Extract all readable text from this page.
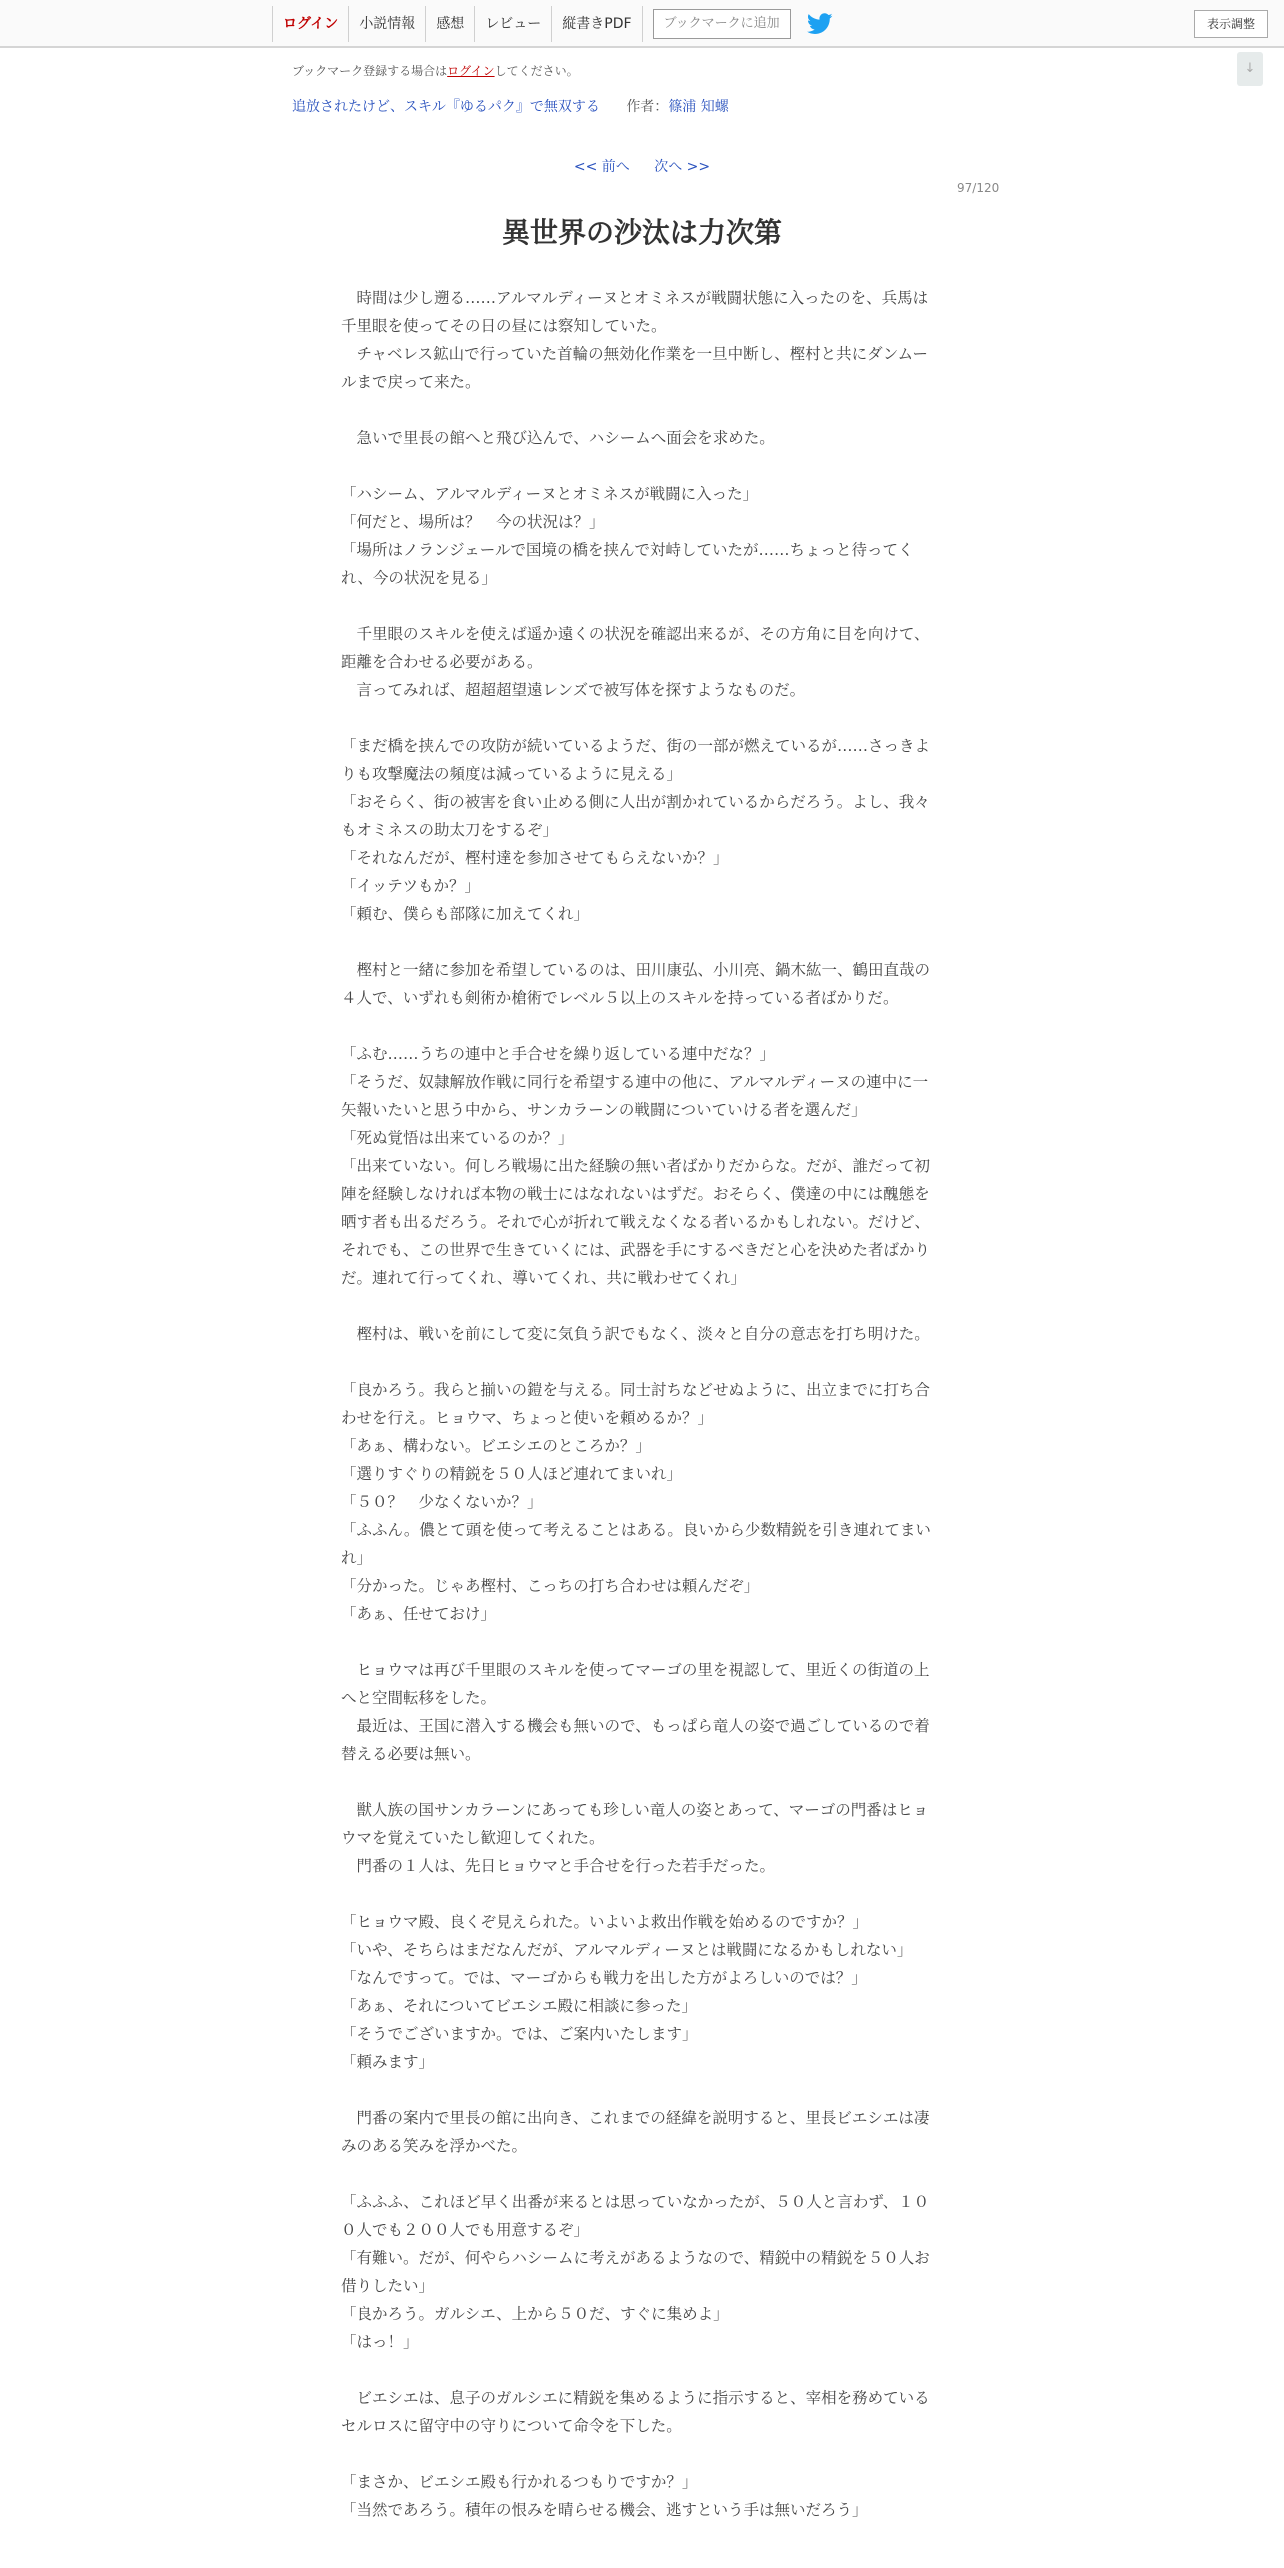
ログイン	小説情報	感想	レビュー	縦書きPDF	ブックマークに追加	表示調整
↓
ブックマーク登録する場合はログインしてください。
追放されたけど、スキル『ゆるパク』で無双する 作者：篠浦 知螺
<< 前へ 次へ >>
97/120
異世界の沙汰は力次第

　時間は少し遡る……アルマルディーヌとオミネスが戦闘状態に入ったのを、兵馬は千里眼を使ってその日の昼には察知していた。

　チャベレス鉱山で行っていた首輪の無効化作業を一旦中断し、樫村と共にダンムールまで戻って来た。

　急いで里長の館へと飛び込んで、ハシームへ面会を求めた。

「ハシーム、アルマルディーヌとオミネスが戦闘に入った」

「何だと、場所は？　今の状況は？」

「場所はノランジェールで国境の橋を挟んで対峙していたが……ちょっと待ってくれ、今の状況を見る」

　千里眼のスキルを使えば遥か遠くの状況を確認出来るが、その方角に目を向けて、距離を合わせる必要がある。

　言ってみれば、超超超望遠レンズで被写体を探すようなものだ。

「まだ橋を挟んでの攻防が続いているようだ、街の一部が燃えているが……さっきよりも攻撃魔法の頻度は減っているように見える」

「おそらく、街の被害を食い止める側に人出が割かれているからだろう。よし、我々もオミネスの助太刀をするぞ」

「それなんだが、樫村達を参加させてもらえないか？」

「イッテツもか？」

「頼む、僕らも部隊に加えてくれ」

　樫村と一緒に参加を希望しているのは、田川康弘、小川亮、鍋木紘一、鶴田直哉の４人で、いずれも剣術か槍術でレベル５以上のスキルを持っている者ばかりだ。

「ふむ……うちの連中と手合せを繰り返している連中だな？」

「そうだ、奴隷解放作戦に同行を希望する連中の他に、アルマルディーヌの連中に一矢報いたいと思う中から、サンカラーンの戦闘についていける者を選んだ」

「死ぬ覚悟は出来ているのか？」

「出来ていない。何しろ戦場に出た経験の無い者ばかりだからな。だが、誰だって初陣を経験しなければ本物の戦士にはなれないはずだ。おそらく、僕達の中には醜態を晒す者も出るだろう。それで心が折れて戦えなくなる者いるかもしれない。だけど、それでも、この世界で生きていくには、武器を手にするべきだと心を決めた者ばかりだ。連れて行ってくれ、導いてくれ、共に戦わせてくれ」

　樫村は、戦いを前にして変に気負う訳でもなく、淡々と自分の意志を打ち明けた。

「良かろう。我らと揃いの鎧を与える。同士討ちなどせぬように、出立までに打ち合わせを行え。ヒョウマ、ちょっと使いを頼めるか？」

「あぁ、構わない。ビエシエのところか？」

「選りすぐりの精鋭を５０人ほど連れてまいれ」

「５０？　少なくないか？」

「ふふん。儂とて頭を使って考えることはある。良いから少数精鋭を引き連れてまいれ」

「分かった。じゃあ樫村、こっちの打ち合わせは頼んだぞ」

「あぁ、任せておけ」

　ヒョウマは再び千里眼のスキルを使ってマーゴの里を視認して、里近くの街道の上へと空間転移をした。

　最近は、王国に潜入する機会も無いので、もっぱら竜人の姿で過ごしているので着替える必要は無い。

　獣人族の国サンカラーンにあっても珍しい竜人の姿とあって、マーゴの門番はヒョウマを覚えていたし歓迎してくれた。

　門番の１人は、先日ヒョウマと手合せを行った若手だった。

「ヒョウマ殿、良くぞ見えられた。いよいよ救出作戦を始めるのですか？」

「いや、そちらはまだなんだが、アルマルディーヌとは戦闘になるかもしれない」

「なんですって。では、マーゴからも戦力を出した方がよろしいのでは？」

「あぁ、それについてビエシエ殿に相談に参った」

「そうでございますか。では、ご案内いたします」

「頼みます」

　門番の案内で里長の館に出向き、これまでの経緯を説明すると、里長ビエシエは凄みのある笑みを浮かべた。

「ふふふ、これほど早く出番が来るとは思っていなかったが、５０人と言わず、１００人でも２００人でも用意するぞ」

「有難い。だが、何やらハシームに考えがあるようなので、精鋭中の精鋭を５０人お借りしたい」

「良かろう。ガルシエ、上から５０だ、すぐに集めよ」

「はっ！」

　ビエシエは、息子のガルシエに精鋭を集めるように指示すると、宰相を務めているセルロスに留守中の守りについて命令を下した。

「まさか、ビエシエ殿も行かれるつもりですか？」

「当然であろう。積年の恨みを晴らせる機会、逃すという手は無いだろう」
